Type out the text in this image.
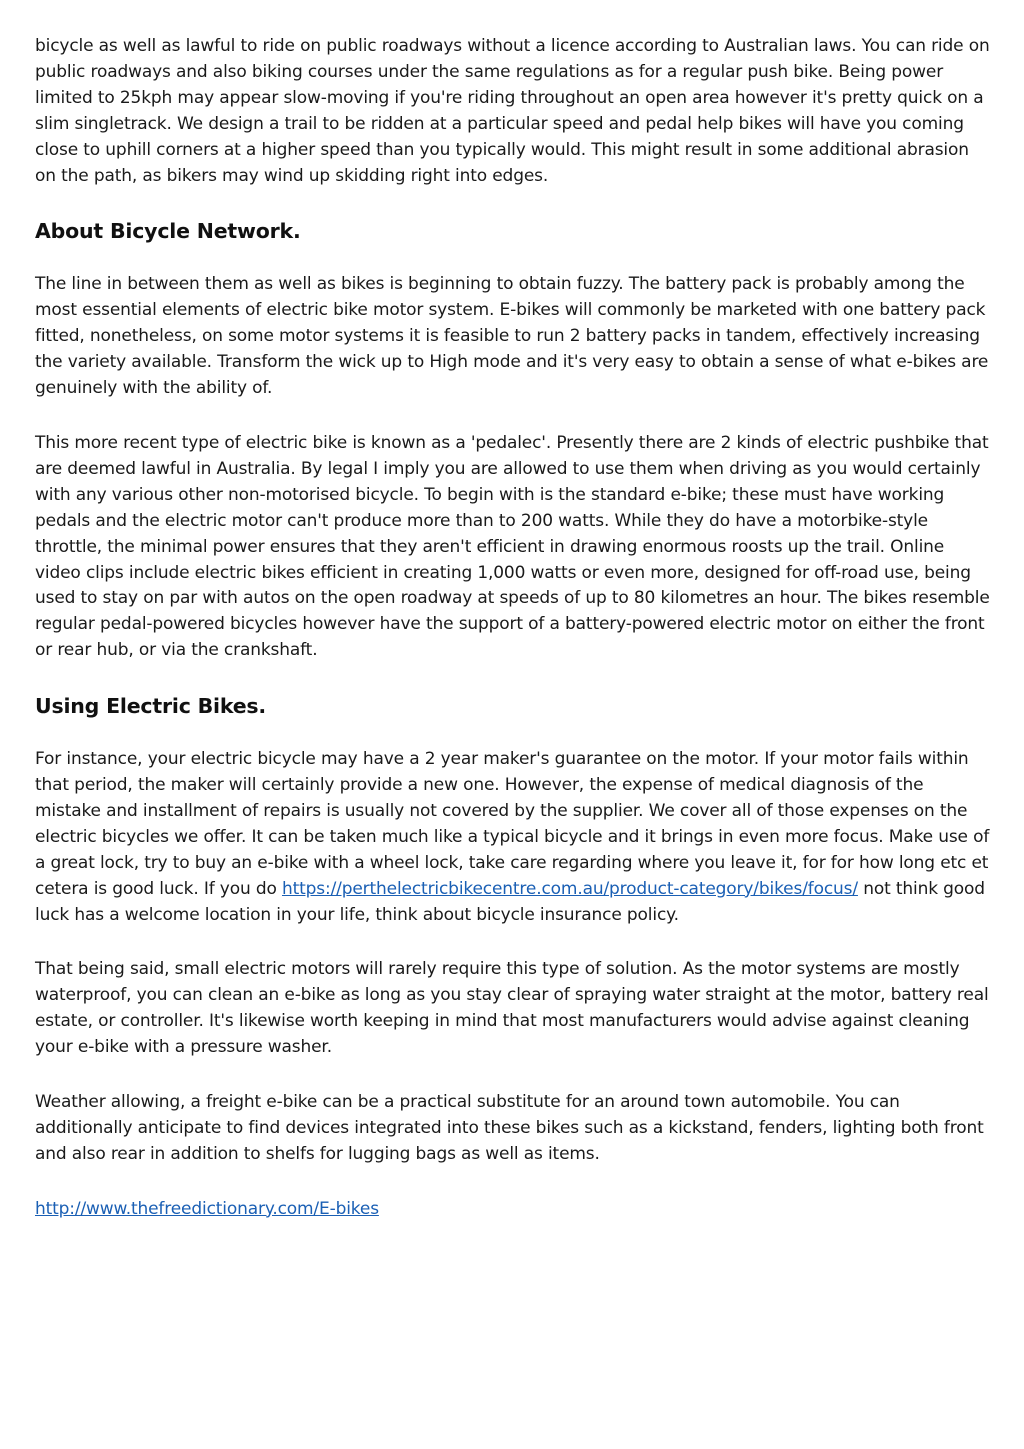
bicycle as well as lawful to ride on public roadways without a licence according to Australian laws. You can ride on public roadways and also biking courses under the same regulations as for a regular push bike. Being power limited to 25kph may appear slow-moving if you're riding throughout an open area however it's pretty quick on a slim singletrack. We design a trail to be ridden at a particular speed and pedal help bikes will have you coming close to uphill corners at a higher speed than you typically would. This might result in some additional abrasion on the path, as bikers may wind up skidding right into edges.

About Bicycle Network.

The line in between them as well as bikes is beginning to obtain fuzzy. The battery pack is probably among the most essential elements of electric bike motor system. E-bikes will commonly be marketed with one battery pack fitted, nonetheless, on some motor systems it is feasible to run 2 battery packs in tandem, effectively increasing the variety available. Transform the wick up to High mode and it's very easy to obtain a sense of what e-bikes are genuinely with the ability of.

This more recent type of electric bike is known as a 'pedalec'. Presently there are 2 kinds of electric pushbike that are deemed lawful in Australia. By legal I imply you are allowed to use them when driving as you would certainly with any various other non-motorised bicycle. To begin with is the standard e-bike; these must have working pedals and the electric motor can't produce more than to 200 watts. While they do have a motorbike-style throttle, the minimal power ensures that they aren't efficient in drawing enormous roosts up the trail. Online video clips include electric bikes efficient in creating 1,000 watts or even more, designed for off-road use, being used to stay on par with autos on the open roadway at speeds of up to 80 kilometres an hour. The bikes resemble regular pedal-powered bicycles however have the support of a battery-powered electric motor on either the front or rear hub, or via the crankshaft.

Using Electric Bikes.

For instance, your electric bicycle may have a 2 year maker's guarantee on the motor. If your motor fails within that period, the maker will certainly provide a new one. However, the expense of medical diagnosis of the mistake and installment of repairs is usually not covered by the supplier. We cover all of those expenses on the electric bicycles we offer. It can be taken much like a typical bicycle and it brings in even more focus. Make use of a great lock, try to buy an e-bike with a wheel lock, take care regarding where you leave it, for for how long etc et cetera is good luck. If you do https://perthelectricbikecentre.com.au/product-category/bikes/focus/ not think good luck has a welcome location in your life, think about bicycle insurance policy.

That being said, small electric motors will rarely require this type of solution. As the motor systems are mostly waterproof, you can clean an e-bike as long as you stay clear of spraying water straight at the motor, battery real estate, or controller. It's likewise worth keeping in mind that most manufacturers would advise against cleaning your e-bike with a pressure washer.

Weather allowing, a freight e-bike can be a practical substitute for an around town automobile. You can additionally anticipate to find devices integrated into these bikes such as a kickstand, fenders, lighting both front and also rear in addition to shelfs for lugging bags as well as items.

http://www.thefreedictionary.com/E-bikes
